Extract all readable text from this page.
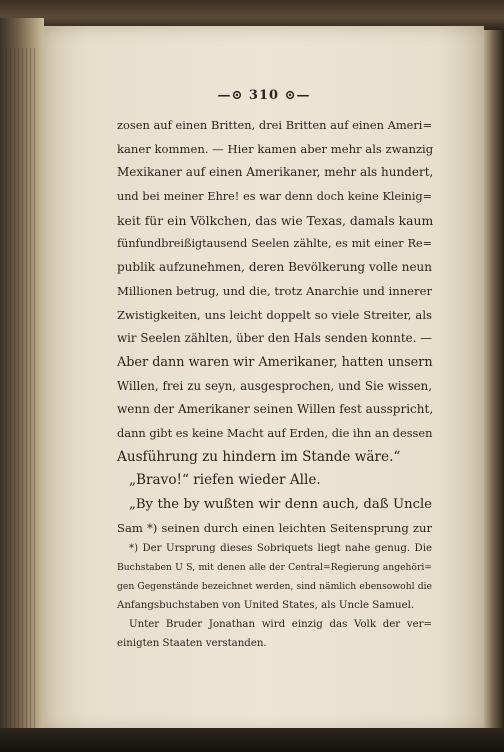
—⊙ 310 ⊙—
zosen auf einen Britten, drei Britten auf einen Ameri=
kaner kommen. — Hier kamen aber mehr als zwanzig
Mexikaner auf einen Amerikaner, mehr als hundert,
und bei meiner Ehre! es war denn doch keine Kleinig=
keit für ein Völkchen, das wie Texas, damals kaum
fünfundbreißigtausend Seelen zählte, es mit einer Re=
publik aufzunehmen, deren Bevölkerung volle neun
Millionen betrug, und die, trotz Anarchie und innerer
Zwistigkeiten, uns leicht doppelt so viele Streiter, als
wir Seelen zählten, über den Hals senden konnte. —
Aber dann waren wir Amerikaner, hatten unsern
Willen, frei zu seyn, ausgesprochen, und Sie wissen,
wenn der Amerikaner seinen Willen fest ausspricht,
dann gibt es keine Macht auf Erden, die ihn an dessen
Ausführung zu hindern im Stande wäre.“
„Bravo!“ riefen wieder Alle.
„By the by wußten wir denn auch, daß Uncle
Sam *) seinen durch einen leichten Seitensprung zur
*) Der Ursprung dieses Sobriquets liegt nahe genug. Die
Buchstaben U S, mit denen alle der Central=Regierung angehöri=
gen Gegenstände bezeichnet werden, sind nämlich ebensowohl die
Anfangsbuchstaben von United States, als Uncle Samuel.
Unter Bruder Jonathan wird einzig das Volk der ver=
einigten Staaten verstanden.
